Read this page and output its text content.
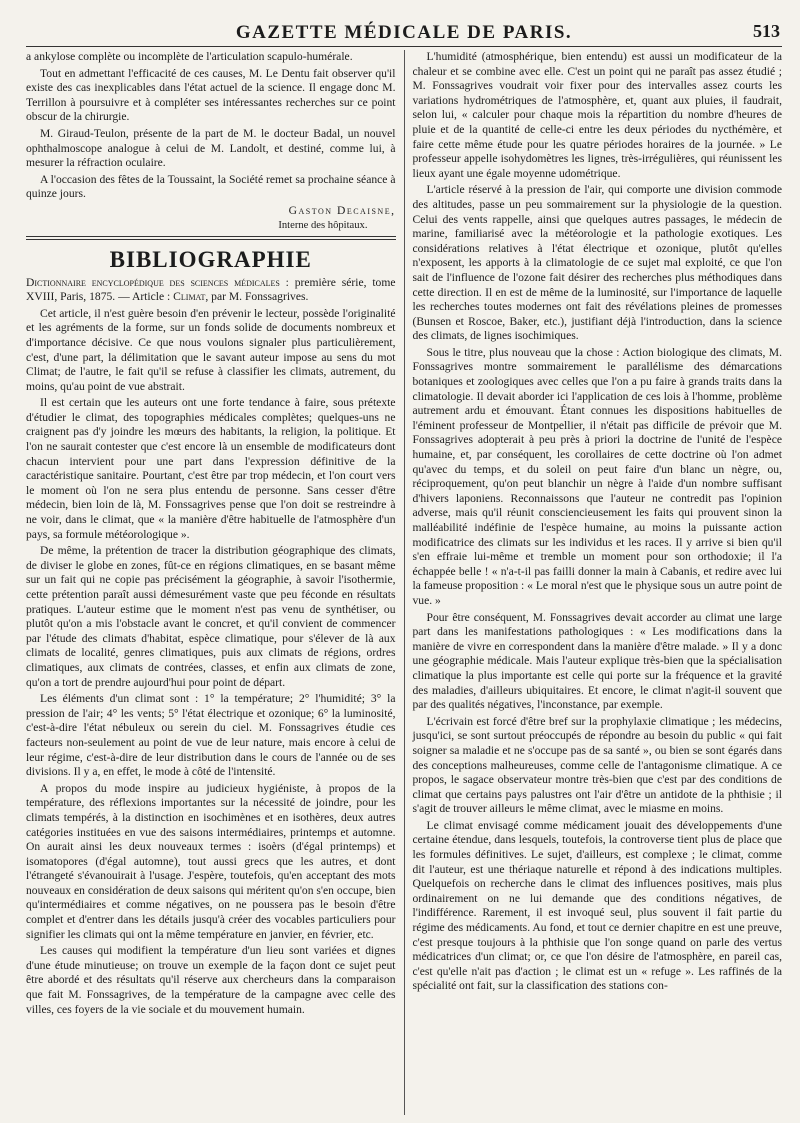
GAZETTE MÉDICALE DE PARIS.	513

a ankylose complète ou incomplète de l'articulation scapulo-humérale.

Tout en admettant l'efficacité de ces causes, M. Le Dentu fait observer qu'il existe des cas inexplicables dans l'état actuel de la science. Il engage donc M. Terrillon à poursuivre et à compléter ses intéressantes recherches sur ce point obscur de la chirurgie.

M. Giraud-Teulon, présente de la part de M. le docteur Badal, un nouvel ophthalmoscope analogue à celui de M. Landolt, et destiné, comme lui, à mesurer la réfraction oculaire.

A l'occasion des fêtes de la Toussaint, la Société remet sa prochaine séance à quinze jours.

Gaston Decaisne,
Interne des hôpitaux.
BIBLIOGRAPHIE

Dictionnaire encyclopédique des sciences médicales : première série, tome XVIII, Paris, 1875. — Article : Climat, par M. Fonssagrives.

Cet article, il n'est guère besoin d'en prévenir le lecteur, possède l'originalité et les agréments de la forme, sur un fonds solide de documents nombreux et d'importance décisive. Ce que nous voulons signaler plus particulièrement, c'est, d'une part, la délimitation que le savant auteur impose au sens du mot Climat; de l'autre, le fait qu'il se refuse à classifier les climats, autrement, du moins, qu'au point de vue abstrait.

Il est certain que les auteurs ont une forte tendance à faire, sous prétexte d'étudier le climat, des topographies médicales complètes; quelques-uns ne craignent pas d'y joindre les mœurs des habitants, la religion, la politique. Et l'on ne saurait contester que c'est encore là un ensemble de modificateurs dont chacun intervient pour une part dans l'expression définitive de la caractéristique sanitaire. Pourtant, c'est être par trop médecin, et l'on court vers le moment où l'on ne sera plus entendu de personne. Sans cesser d'être médecin, bien loin de là, M. Fonssagrives pense que l'on doit se restreindre à ne voir, dans le climat, que « la manière d'être habituelle de l'atmosphère d'un pays, sa formule météorologique ».

De même, la prétention de tracer la distribution géographique des climats, de diviser le globe en zones, fût-ce en régions climatiques, en se basant même sur un fait qui ne copie pas précisément la géographie, à savoir l'isothermie, cette prétention paraît aussi démesurément vaste que peu féconde en résultats pratiques. L'auteur estime que le moment n'est pas venu de synthétiser, ou plutôt qu'on a mis l'obstacle avant le concret, et qu'il convient de commencer par l'étude des climats d'habitat, espèce climatique, pour s'élever de là aux climats de localité, genres climatiques, puis aux climats de régions, ordres climatiques, aux climats de contrées, classes, et enfin aux climats de zone, qu'on a tort de prendre aujourd'hui pour point de départ.

Les éléments d'un climat sont : 1° la température; 2° l'humidité; 3° la pression de l'air; 4° les vents; 5° l'état électrique et ozonique; 6° la luminosité, c'est-à-dire l'état nébuleux ou serein du ciel. M. Fonssagrives étudie ces facteurs non-seulement au point de vue de leur nature, mais encore à celui de leur régime, c'est-à-dire de leur distribution dans le cours de l'année ou de ses divisions. Il y a, en effet, le mode à côté de l'intensité.

A propos du mode inspire au judicieux hygiéniste, à propos de la température, des réflexions importantes sur la nécessité de joindre, pour les climats tempérés, à la distinction en isochimènes et en isothères, deux autres catégories instituées en vue des saisons intermédiaires, printemps et automne. On aurait ainsi les deux nouveaux termes : isoèrs (d'égal printemps) et isomatopores (d'égal automne), tout aussi grecs que les autres, et dont l'étrangeté s'évanouirait à l'usage. J'espère, toutefois, qu'en acceptant des mots nouveaux en considération de deux saisons qui méritent qu'on s'en occupe, bien qu'intermédiaires et comme négatives, on ne poussera pas le besoin d'être complet et d'entrer dans les détails jusqu'à créer des vocables particuliers pour signifier les climats qui ont la même température en janvier, en février, etc.

Les causes qui modifient la température d'un lieu sont variées et dignes d'une étude minutieuse; on trouve un exemple de la façon dont ce sujet peut être abordé et des résultats qu'il réserve aux chercheurs dans la comparaison que fait M. Fonssagrives, de la température de la campagne avec celle des villes, ces foyers de la vie sociale et du mouvement humain.

L'humidité (atmosphérique, bien entendu) est aussi un modificateur de la chaleur et se combine avec elle. C'est un point qui ne paraît pas assez étudié ; M. Fonssagrives voudrait voir fixer pour des intervalles assez courts les variations hydrométriques de l'atmosphère, et, quant aux pluies, il faudrait, selon lui, « calculer pour chaque mois la répartition du nombre d'heures de pluie et de la quantité de celle-ci entre les deux périodes du nycthémère, et faire cette même étude pour les quatre périodes horaires de la journée. » Le professeur appelle isohydomètres les lignes, très-irrégulières, qui réunissent les lieux ayant une égale moyenne udométrique.

L'article réservé à la pression de l'air, qui comporte une division commode des altitudes, passe un peu sommairement sur la physiologie de la question. Celui des vents rappelle, ainsi que quelques autres passages, le médecin de marine, familiarisé avec la météorologie et la pathologie exotiques. Les considérations relatives à l'état électrique et ozonique, plutôt qu'elles n'exposent, les apports à la climatologie de ce sujet mal exploité, ce que l'on sait de l'influence de l'ozone fait désirer des recherches plus méthodiques dans cette direction. Il en est de même de la luminosité, sur l'importance de laquelle les recherches toutes modernes ont fait des révélations pleines de promesses (Bunsen et Roscoe, Baker, etc.), justifiant déjà l'introduction, dans la science des climats, de lignes isochimiques.

Sous le titre, plus nouveau que la chose : Action biologique des climats, M. Fonssagrives montre sommairement le parallélisme des démarcations botaniques et zoologiques avec celles que l'on a pu faire à grands traits dans la climatologie. Il devait aborder ici l'application de ces lois à l'homme, problème autrement ardu et émouvant. Étant connues les dispositions habituelles de l'éminent professeur de Montpellier, il n'était pas difficile de prévoir que M. Fonssagrives adopterait à peu près à priori la doctrine de l'unité de l'espèce humaine, et, par conséquent, les corollaires de cette doctrine où l'on admet qu'avec du temps, et du soleil on peut faire d'un blanc un nègre, ou, réciproquement, qu'on peut blanchir un nègre à l'aide d'un nombre suffisant d'hivers laponiens. Reconnaissons que l'auteur ne contredit pas l'opinion adverse, mais qu'il réunit consciencieusement les faits qui prouvent sinon la malléabilité indéfinie de l'espèce humaine, au moins la puissante action modificatrice des climats sur les individus et les races. Il y arrive si bien qu'il s'en effraie lui-même et tremble un moment pour son orthodoxie; il l'a échappée belle ! « n'a-t-il pas failli donner la main à Cabanis, et redire avec lui la fameuse proposition : « Le moral n'est que le physique sous un autre point de vue. »

Pour être conséquent, M. Fonssagrives devait accorder au climat une large part dans les manifestations pathologiques : « Les modifications dans la manière de vivre en correspondent dans la manière d'être malade. » Il y a donc une géographie médicale. Mais l'auteur explique très-bien que la spécialisation climatique la plus importante est celle qui porte sur la fréquence et la gravité des maladies, d'ailleurs ubiquitaires. Et encore, le climat n'agit-il souvent que par des qualités négatives, l'inconstance, par exemple.

L'écrivain est forcé d'être bref sur la prophylaxie climatique ; les médecins, jusqu'ici, se sont surtout préoccupés de répondre au besoin du public « qui fait soigner sa maladie et ne s'occupe pas de sa santé », ou bien se sont égarés dans des conceptions malheureuses, comme celle de l'antagonisme climatique. A ce propos, le sagace observateur montre très-bien que c'est par des conditions de climat que certains pays palustres ont l'air d'être un antidote de la phthisie ; il s'agit de trouver ailleurs le même climat, avec le miasme en moins.

Le climat envisagé comme médicament jouait des développements d'une certaine étendue, dans lesquels, toutefois, la controverse tient plus de place que les formules définitives. Le sujet, d'ailleurs, est complexe ; le climat, comme dit l'auteur, est une thériaque naturelle et répond à des indications multiples. Quelquefois on recherche dans le climat des influences positives, mais plus ordinairement on ne lui demande que des conditions négatives, de l'indifférence. Rarement, il est invoqué seul, plus souvent il fait partie du régime des médicaments. Au fond, et tout ce dernier chapitre en est une preuve, c'est presque toujours à la phthisie que l'on songe quand on parle des vertus médicatrices d'un climat; or, ce que l'on désire de l'atmosphère, en pareil cas, c'est qu'elle n'ait pas d'action ; le climat est un « refuge ». Les raffinés de la spécialité ont fait, sur la classification des stations con-
